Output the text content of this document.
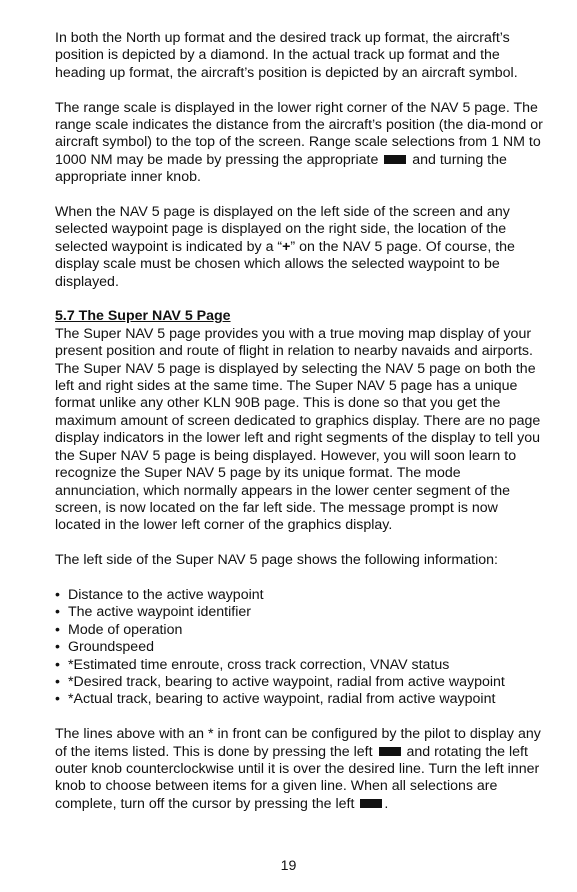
In both the North up format and the desired track up format, the aircraft’s position is depicted by a diamond. In the actual track up format and the heading up format, the aircraft’s position is depicted by an aircraft symbol.

The range scale is displayed in the lower right corner of the NAV 5 page. The range scale indicates the distance from the aircraft’s position (the dia-mond or aircraft symbol) to the top of the screen. Range scale selections from 1 NM to 1000 NM may be made by pressing the appropriate and turning the appropriate inner knob.

When the NAV 5 page is displayed on the left side of the screen and any selected waypoint page is displayed on the right side, the location of the selected waypoint is indicated by a “+” on the NAV 5 page. Of course, the display scale must be chosen which allows the selected waypoint to be displayed.

5.7 The Super NAV 5 Page

The Super NAV 5 page provides you with a true moving map display of your present position and route of flight in relation to nearby navaids and airports. The Super NAV 5 page is displayed by selecting the NAV 5 page on both the left and right sides at the same time. The Super NAV 5 page has a unique format unlike any other KLN 90B page. This is done so that you get the maximum amount of screen dedicated to graphics display. There are no page display indicators in the lower left and right segments of the display to tell you the Super NAV 5 page is being displayed. However, you will soon learn to recognize the Super NAV 5 page by its unique format. The mode annunciation, which normally appears in the lower center segment of the screen, is now located on the far left side. The message prompt is now located in the lower left corner of the graphics display.

The left side of the Super NAV 5 page shows the following information:

• Distance to the active waypoint
• The active waypoint identifier
• Mode of operation
• Groundspeed
• *Estimated time enroute, cross track correction, VNAV status
• *Desired track, bearing to active waypoint, radial from active waypoint
• *Actual track, bearing to active waypoint, radial from active waypoint

The lines above with an * in front can be configured by the pilot to display any of the items listed. This is done by pressing the left and rotating the left outer knob counterclockwise until it is over the desired line. Turn the left inner knob to choose between items for a given line. When all selections are complete, turn off the cursor by pressing the left .

19
